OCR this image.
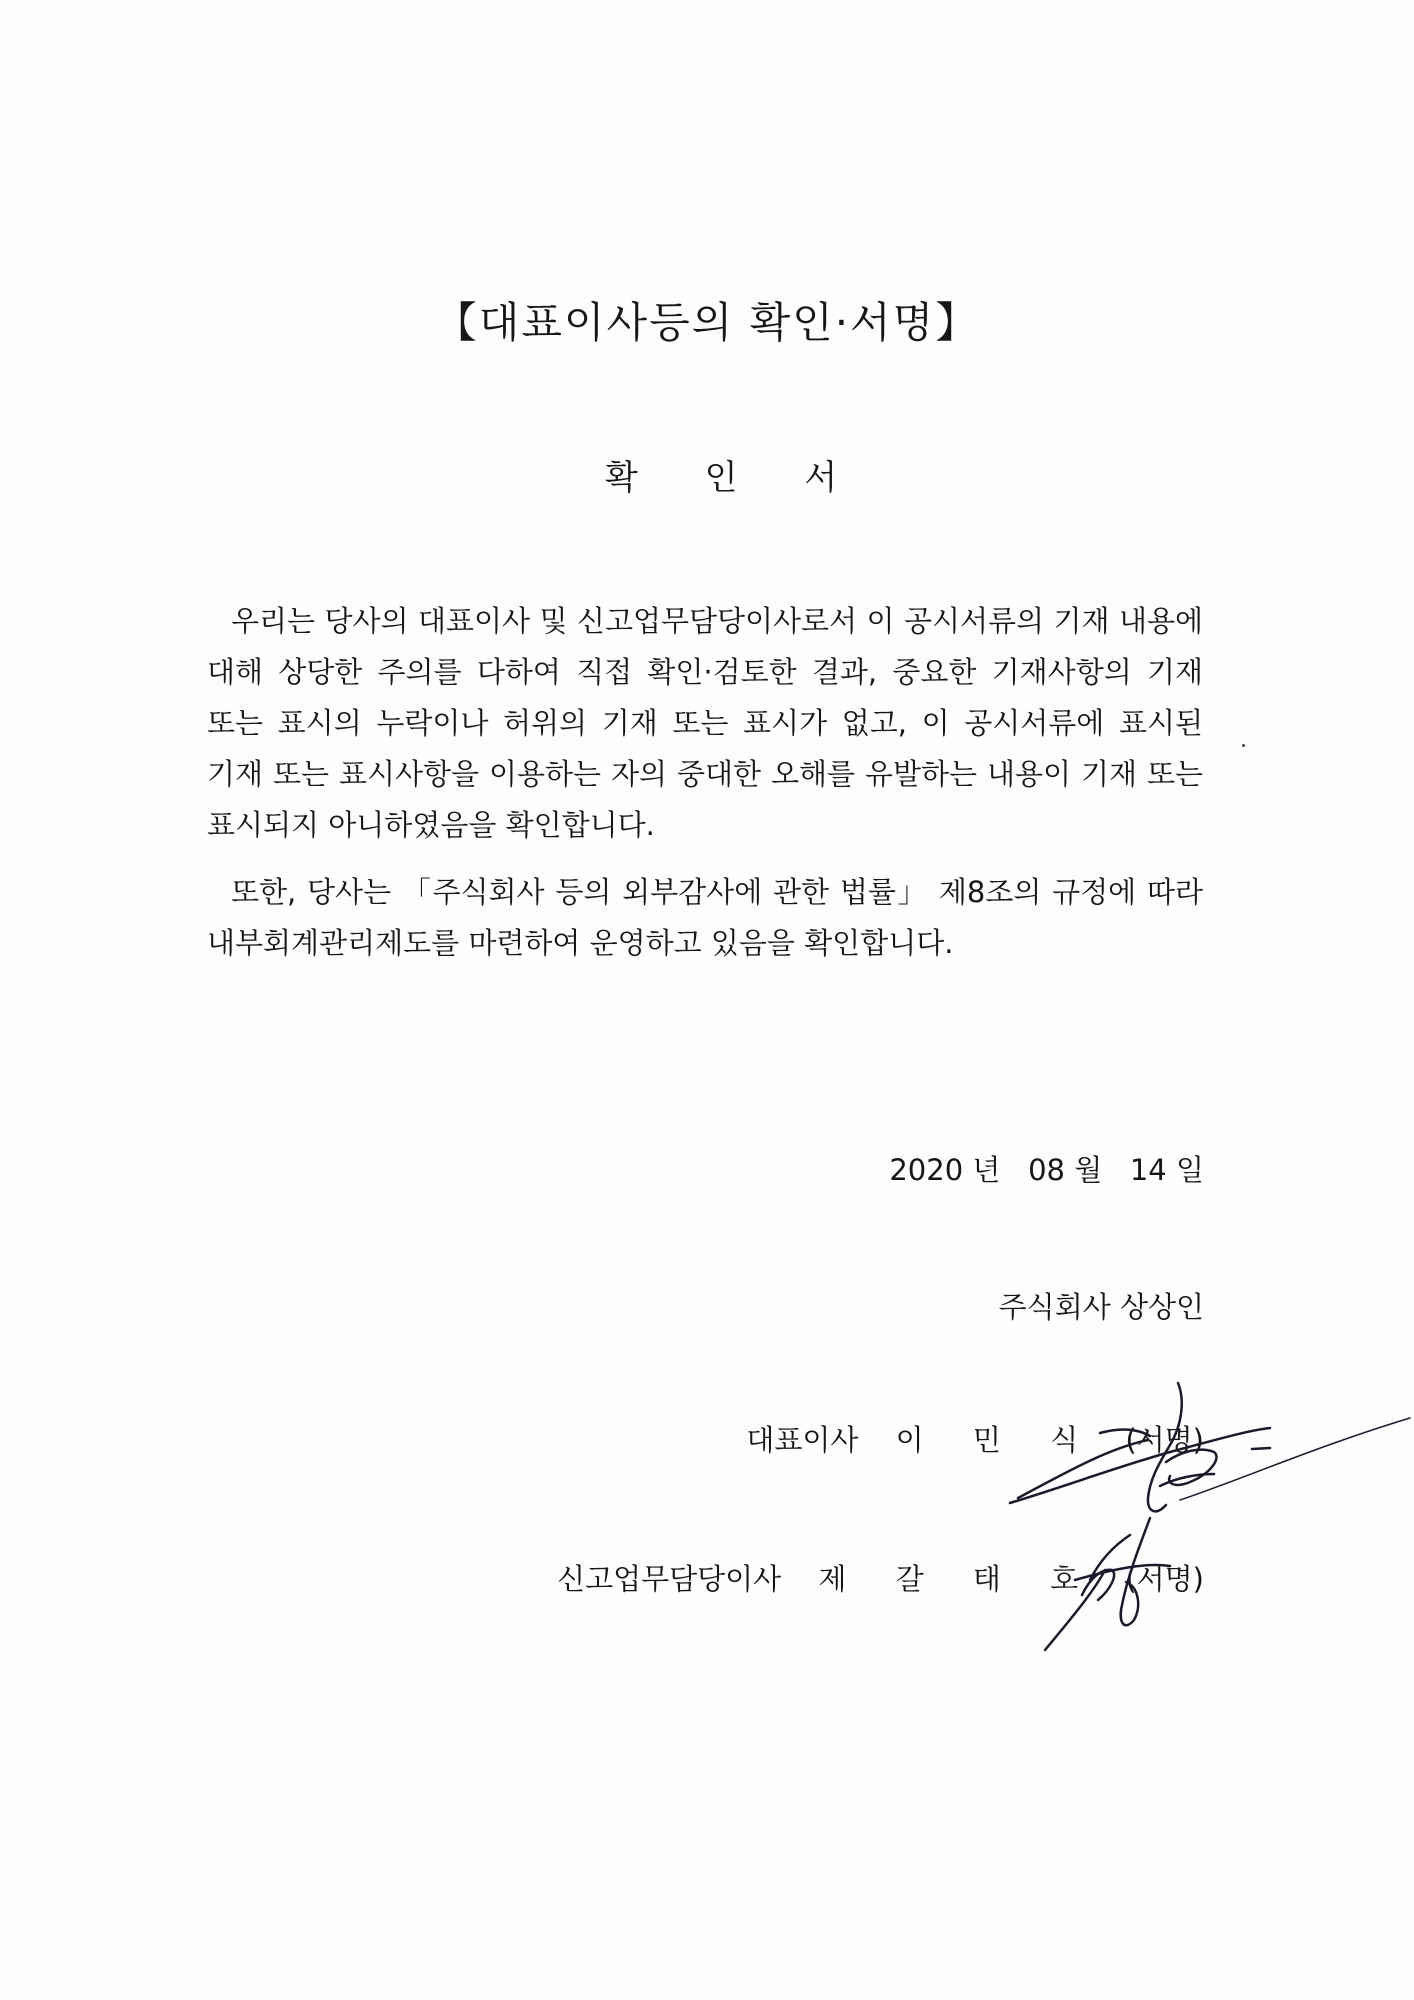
【대표이사등의 확인·서명】
확 인 서

우리는 당사의 대표이사 및 신고업무담당이사로서 이 공시서류의 기재 내용에 대해 상당한 주의를 다하여 직접 확인·검토한 결과, 중요한 기재사항의 기재 또는 표시의 누락이나 허위의 기재 또는 표시가 없고, 이 공시서류에 표시된 기재 또는 표시사항을 이용하는 자의 중대한 오해를 유발하는 내용이 기재 또는 표시되지 아니하였음을 확인합니다.

또한, 당사는 「주식회사 등의 외부감사에 관한 법률」 제8조의 규정에 따라 내부회계관리제도를 마련하여 운영하고 있음을 확인합니다.

2020 년 08 월 14 일
주식회사 상상인
대표이사 이 민 식 (서명)
신고업무담당이사 제 갈 태 호 (서명)
